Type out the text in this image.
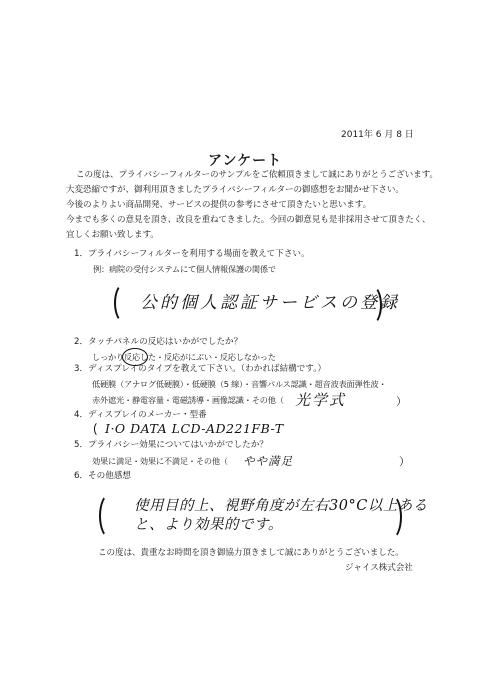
2011年 6 月 8 日
アンケート
この度は、プライバシーフィルターのサンプルをご依頼頂きまして誠にありがとうございます。
大変恐縮ですが、御利用頂きましたプライバシーフィルターの御感想をお聞かせ下さい。
今後のよりよい商品開発、サービスの提供の参考にさせて頂きたいと思います。
今までも多くの意見を頂き、改良を重ねてきました。今回の御意見も是非採用させて頂きたく、
宜しくお願い致します。
1．プライバシーフィルターを利用する場面を教えて下さい。
例：病院の受付システムにて個人情報保護の関係で
公的個人認証サービスの登録
2．タッチパネルの反応はいかがでしたか？
しっかり反応した・反応がにぶい・反応しなかった
3．ディスプレイのタイプを教えて下さい。（わかれば結構です。）
低硬膜（アナログ低硬膜）・低硬膜（5 線）・音響パルス認識・超音波表面弾性波・
赤外遮光・静電容量・電磁誘導・画像認識・その他（ 光学式	）
4．ディスプレイのメーカー・型番
I·O DATA LCD-AD221FB-T
5．プライバシー効果についてはいかがでしたか？
効果に満足・効果に不満足・その他（ やや満足	）
6．その他感想
使用目的上、視野角度が左右30°C以上ある
と、より効果的です。
この度は、貴重なお時間を頂き御協力頂きまして誠にありがとうございました。
ジャイス株式会社
